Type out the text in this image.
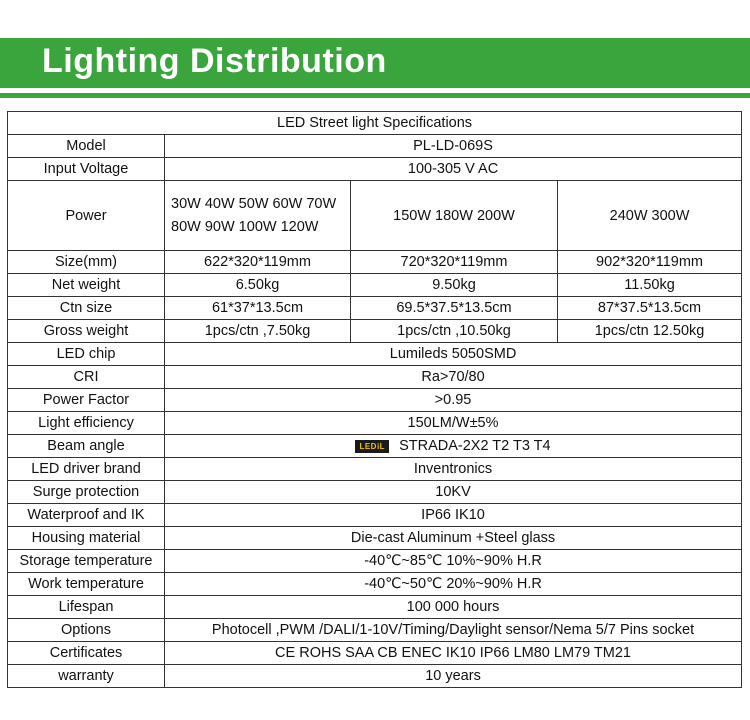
Lighting Distribution
LED Street light Specifications			
Model	PL-LD-069S		
Input Voltage	100-305 V AC		
Power	30W 40W 50W 60W 70W 80W 90W 100W 120W	150W 180W 200W	240W 300W
Size(mm)	622*320*119mm	720*320*119mm	902*320*119mm
Net weight	6.50kg	9.50kg	11.50kg
Ctn size	61*37*13.5cm	69.5*37.5*13.5cm	87*37.5*13.5cm
Gross weight	1pcs/ctn ,7.50kg	1pcs/ctn ,10.50kg	1pcs/ctn 12.50kg
LED chip	Lumileds 5050SMD		
CRI	Ra>70/80		
Power Factor	>0.95		
Light efficiency	150LM/W±5%		
Beam angle	LEDiL STRADA-2X2 T2 T3 T4		
LED driver brand	Inventronics		
Surge protection	10KV		
Waterproof and IK	IP66 IK10		
Housing material	Die-cast Aluminum +Steel glass		
Storage temperature	-40℃~85℃ 10%~90% H.R		
Work temperature	-40℃~50℃ 20%~90% H.R		
Lifespan	100 000 hours		
Options	Photocell ,PWM /DALI/1-10V/Timing/Daylight sensor/Nema 5/7 Pins socket		
Certificates	CE ROHS SAA CB ENEC IK10 IP66 LM80 LM79 TM21		
warranty	10 years		
